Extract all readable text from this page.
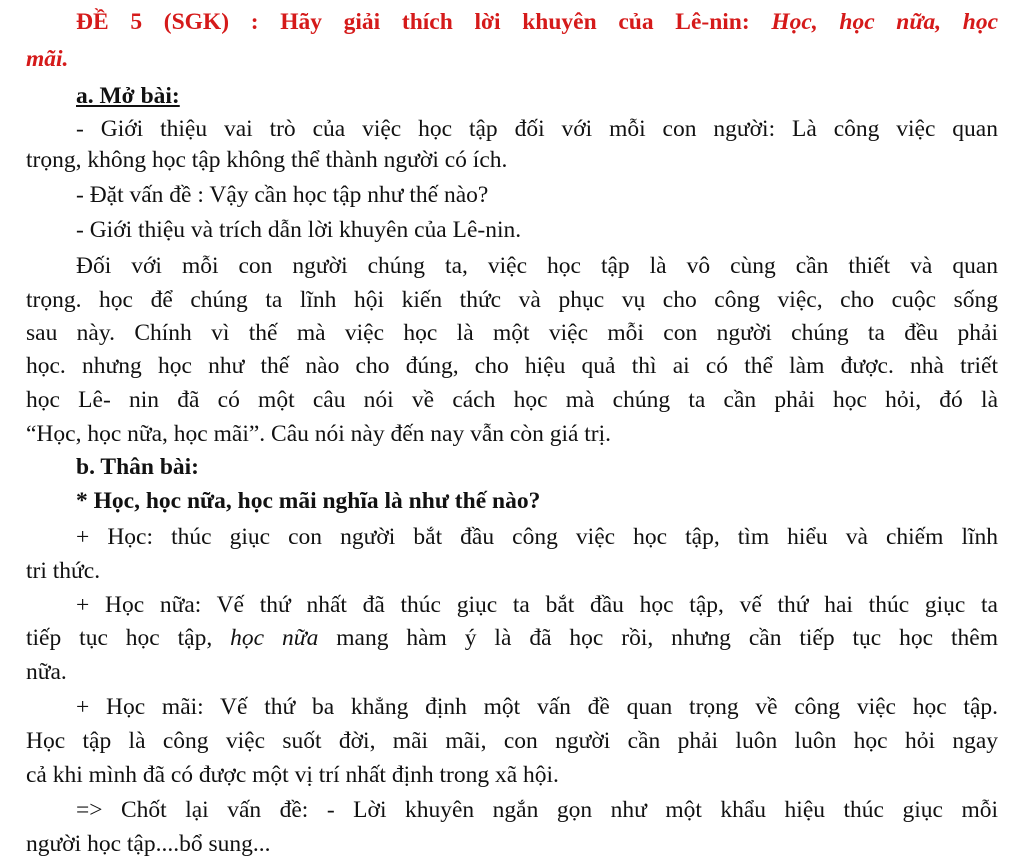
ĐỀ 5 (SGK) : Hãy giải thích lời khuyên của Lê-nin: Học, học nữa, học
mãi.
a. Mở bài:
- Giới thiệu vai trò của việc học tập đối với mỗi con người: Là công việc quan
trọng, không học tập không thể thành người có ích.
- Đặt vấn đề : Vậy cần học tập như thế nào?
- Giới thiệu và trích dẫn lời khuyên của Lê-nin.
Đối với mỗi con người chúng ta, việc học tập là vô cùng cần thiết và quan
trọng. học để chúng ta lĩnh hội kiến thức và phục vụ cho công việc, cho cuộc sống
sau này. Chính vì thế mà việc học là một việc mỗi con người chúng ta đều phải
học. nhưng học như thế nào cho đúng, cho hiệu quả thì ai có thể làm được. nhà triết
học Lê- nin đã có một câu nói về cách học mà chúng ta cần phải học hỏi, đó là
“Học, học nữa, học mãi”. Câu nói này đến nay vẫn còn giá trị.
b. Thân bài:
* Học, học nữa, học mãi nghĩa là như thế nào?
+ Học: thúc giục con người bắt đầu công việc học tập, tìm hiểu và chiếm lĩnh
tri thức.
+ Học nữa: Vế thứ nhất đã thúc giục ta bắt đầu học tập, vế thứ hai thúc giục ta
tiếp tục học tập, học nữa mang hàm ý là đã học rồi, nhưng cần tiếp tục học thêm
nữa.
+ Học mãi: Vế thứ ba khẳng định một vấn đề quan trọng về công việc học tập.
Học tập là công việc suốt đời, mãi mãi, con người cần phải luôn luôn học hỏi ngay
cả khi mình đã có được một vị trí nhất định trong xã hội.
=> Chốt lại vấn đề: - Lời khuyên ngắn gọn như một khẩu hiệu thúc giục mỗi
người học tập....bổ sung...
